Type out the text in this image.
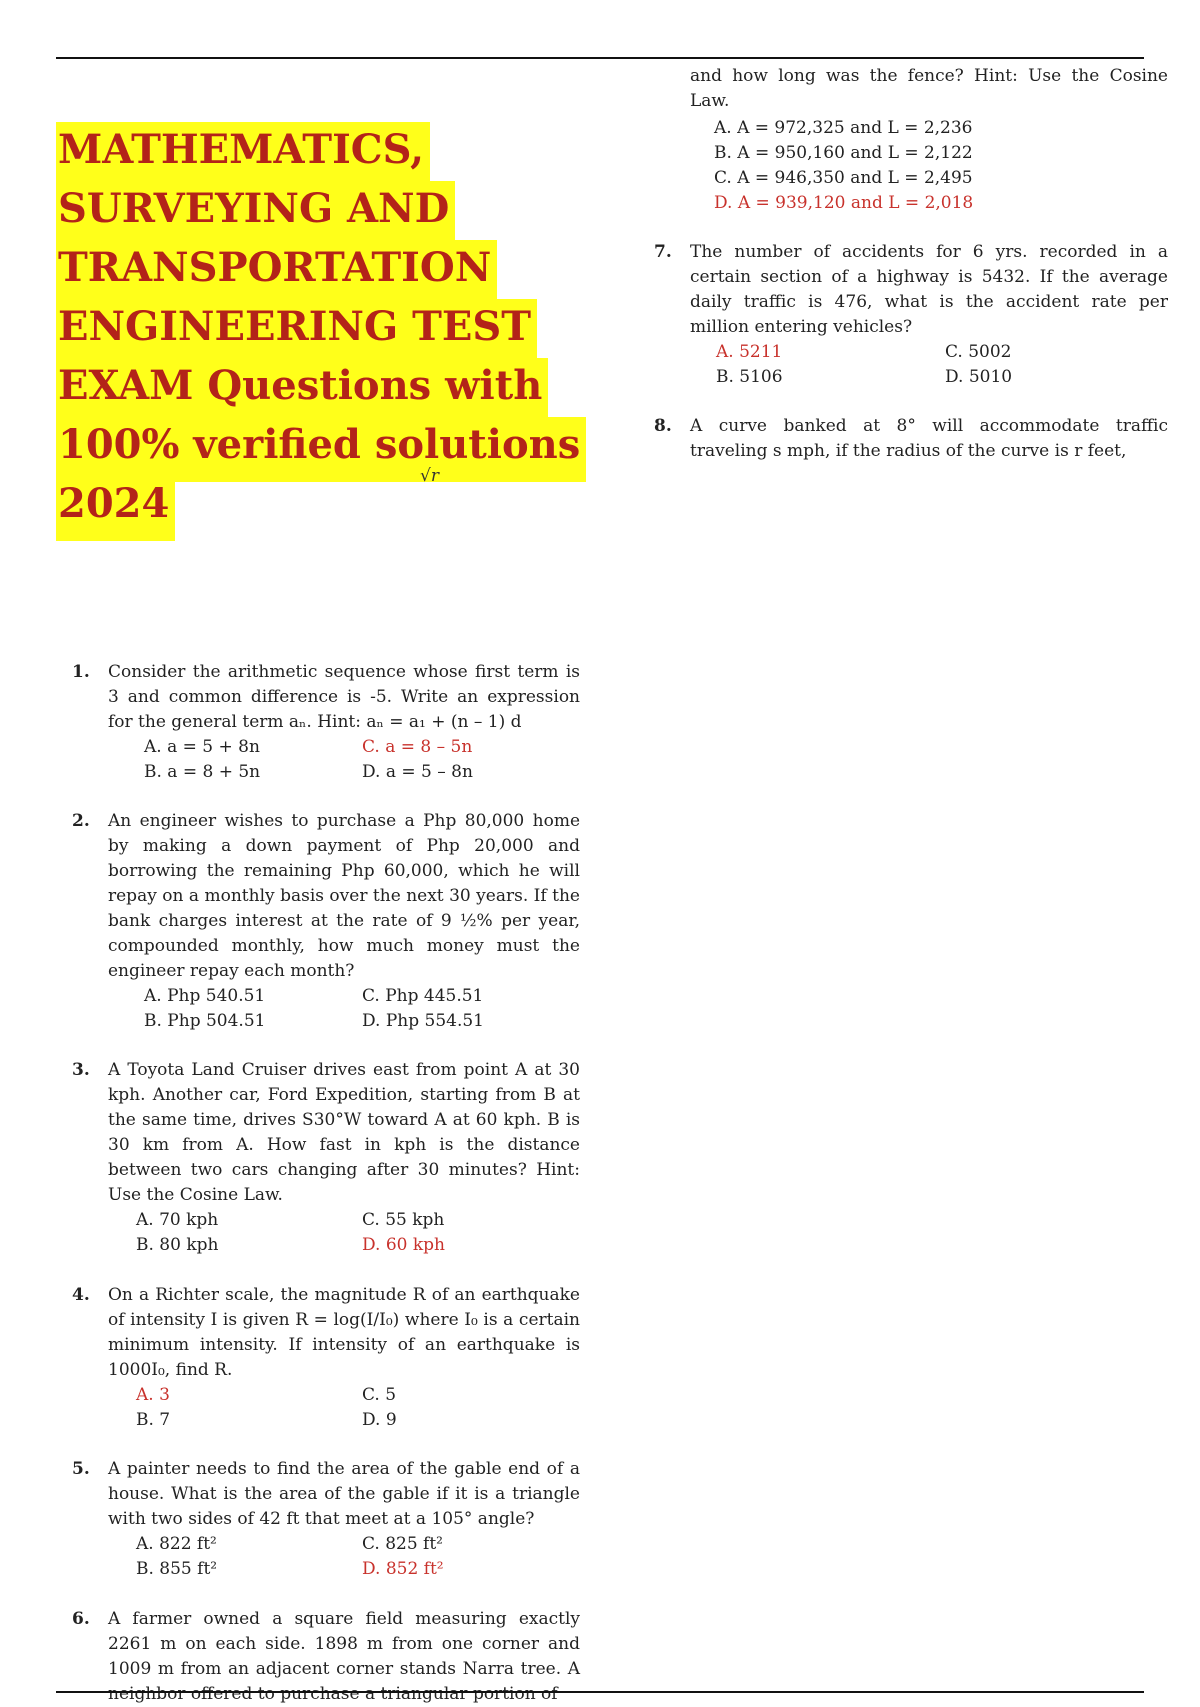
MATHEMATICS,
SURVEYING AND
TRANSPORTATION
ENGINEERING TEST
EXAM Questions with
100% verified solutions
2024
√r
1. Consider the arithmetic sequence whose first term is 3 and common difference is -5. Write an expression for the general term aₙ. Hint: aₙ = a₁ + (n – 1) d
A. a = 5 + 8n	C. a = 8 – 5n
B. a = 8 + 5n	D. a = 5 – 8n
2. An engineer wishes to purchase a Php 80,000 home by making a down payment of Php 20,000 and borrowing the remaining Php 60,000, which he will repay on a monthly basis over the next 30 years. If the bank charges interest at the rate of 9 ½% per year, compounded monthly, how much money must the engineer repay each month?
A. Php 540.51	C. Php 445.51
B. Php 504.51	D. Php 554.51
3. A Toyota Land Cruiser drives east from point A at 30 kph. Another car, Ford Expedition, starting from B at the same time, drives S30°W toward A at 60 kph. B is 30 km from A. How fast in kph is the distance between two cars changing after 30 minutes? Hint: Use the Cosine Law.
A. 70 kph	C. 55 kph
B. 80 kph	D. 60 kph
4. On a Richter scale, the magnitude R of an earthquake of intensity I is given R = log(I/I₀) where I₀ is a certain minimum intensity. If intensity of an earthquake is 1000I₀, find R.
A. 3	C. 5
B. 7	D. 9
5. A painter needs to find the area of the gable end of a house. What is the area of the gable if it is a triangle with two sides of 42 ft that meet at a 105° angle?
A. 822 ft²	C. 825 ft²
B. 855 ft²	D. 852 ft²
6. A farmer owned a square field measuring exactly 2261 m on each side. 1898 m from one corner and 1009 m from an adjacent corner stands Narra tree. A neighbor offered to purchase a triangular portion of
and how long was the fence? Hint: Use the Cosine Law.
A. A = 972,325 and L = 2,236
B. A = 950,160 and L = 2,122
C. A = 946,350 and L = 2,495
D. A = 939,120 and L = 2,018
7. The number of accidents for 6 yrs. recorded in a certain section of a highway is 5432. If the average daily traffic is 476, what is the accident rate per million entering vehicles?
A. 5211	C. 5002
B. 5106	D. 5010
8. A curve banked at 8° will accommodate traffic traveling s mph, if the radius of the curve is r feet,
